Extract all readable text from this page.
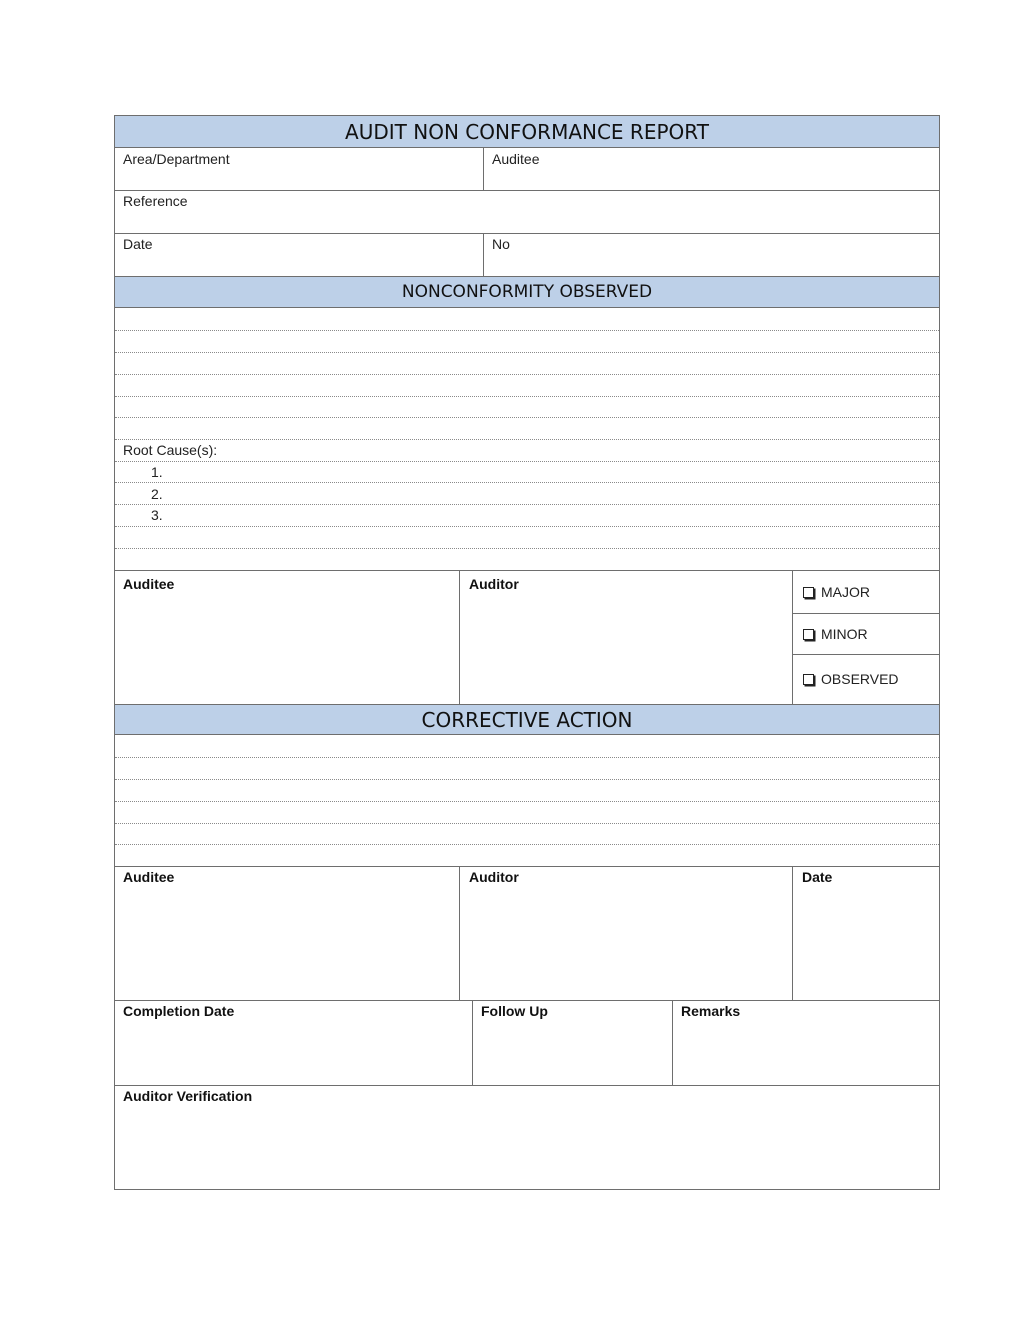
AUDIT NON CONFORMANCE REPORT
Area/Department	Auditee
Reference
Date	No
NONCONFORMITY OBSERVED
Root Cause(s):
1.
2.
3.
Auditee	Auditor	MAJOR
MINOR
OBSERVED
CORRECTIVE ACTION
Auditee	Auditor	Date
Completion Date	Follow Up	Remarks
Auditor Verification
